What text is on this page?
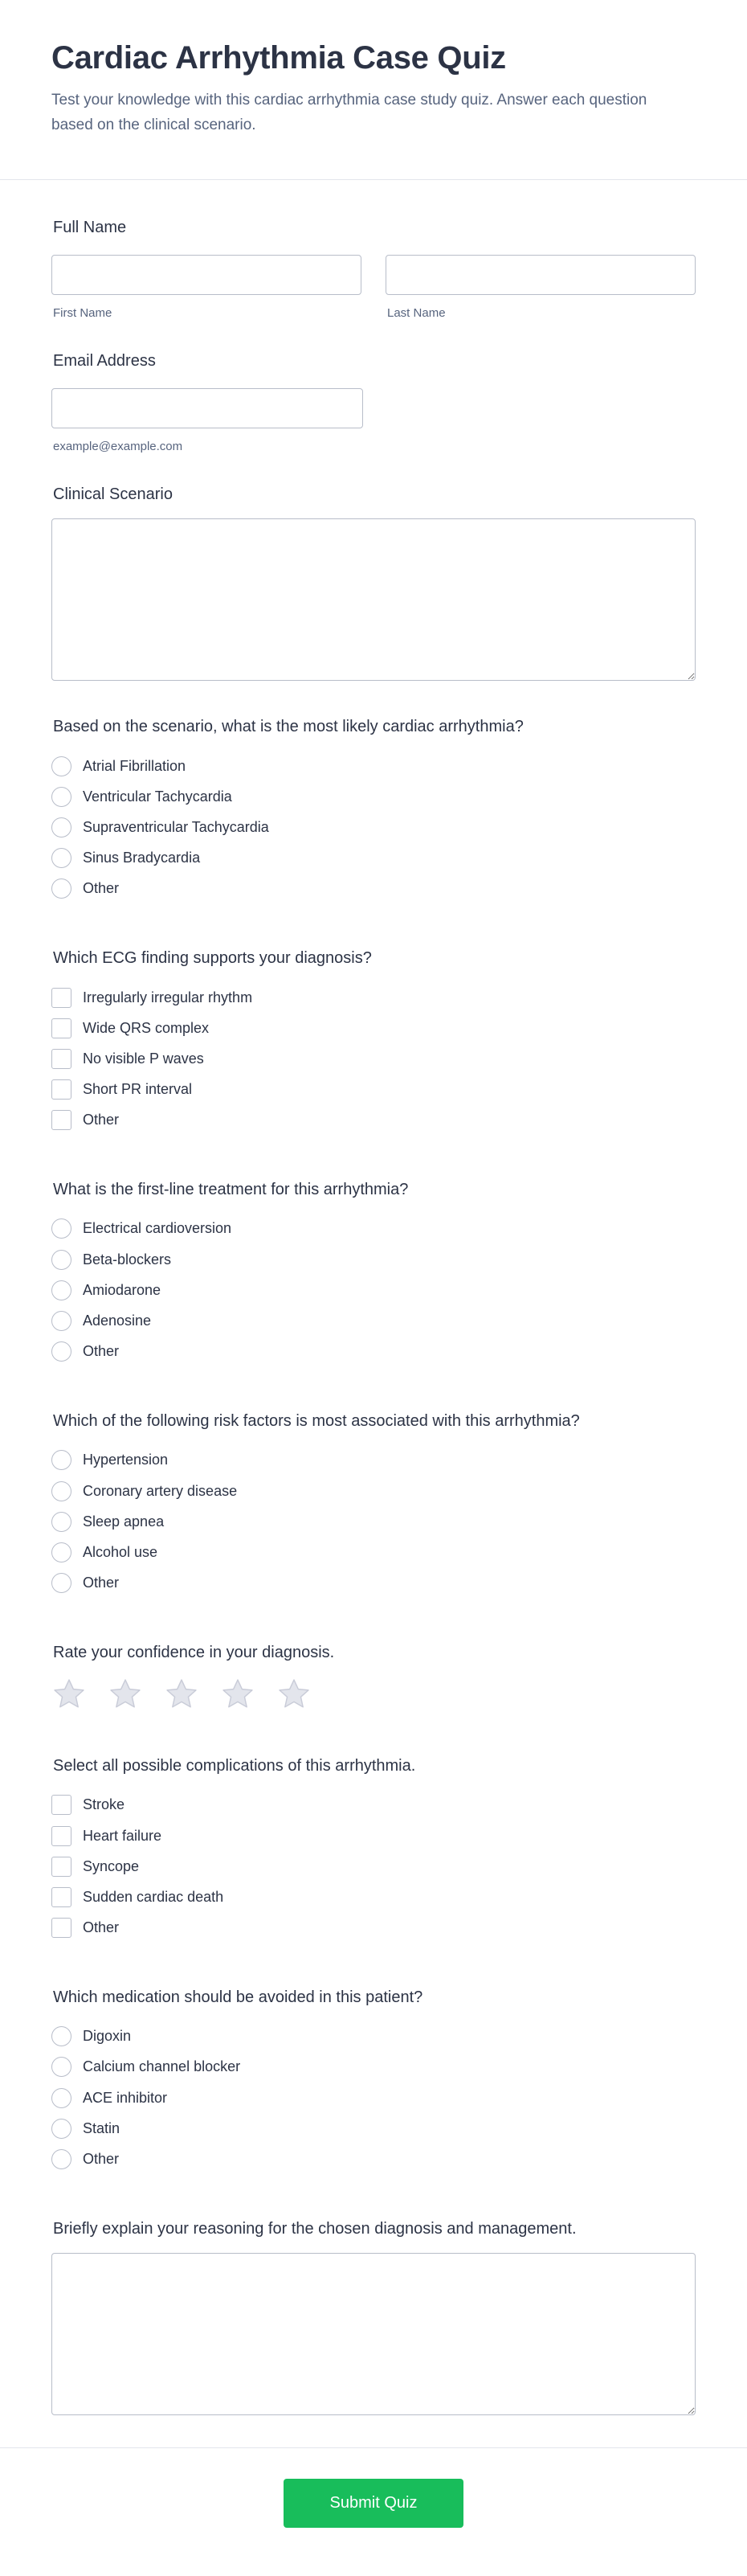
Cardiac Arrhythmia Case Quiz

Test your knowledge with this cardiac arrhythmia case study quiz. Answer each question based on the clinical scenario.

Full Name
First Name	Last Name
Email Address
example@example.com
Clinical Scenario
Based on the scenario, what is the most likely cardiac arrhythmia?
Atrial Fibrillation
Ventricular Tachycardia
Supraventricular Tachycardia
Sinus Bradycardia
Other
Which ECG finding supports your diagnosis?
Irregularly irregular rhythm
Wide QRS complex
No visible P waves
Short PR interval
Other
What is the first-line treatment for this arrhythmia?
Electrical cardioversion
Beta-blockers
Amiodarone
Adenosine
Other
Which of the following risk factors is most associated with this arrhythmia?
Hypertension
Coronary artery disease
Sleep apnea
Alcohol use
Other
Rate your confidence in your diagnosis.
Select all possible complications of this arrhythmia.
Stroke
Heart failure
Syncope
Sudden cardiac death
Other
Which medication should be avoided in this patient?
Digoxin
Calcium channel blocker
ACE inhibitor
Statin
Other
Briefly explain your reasoning for the chosen diagnosis and management.
Submit Quiz
